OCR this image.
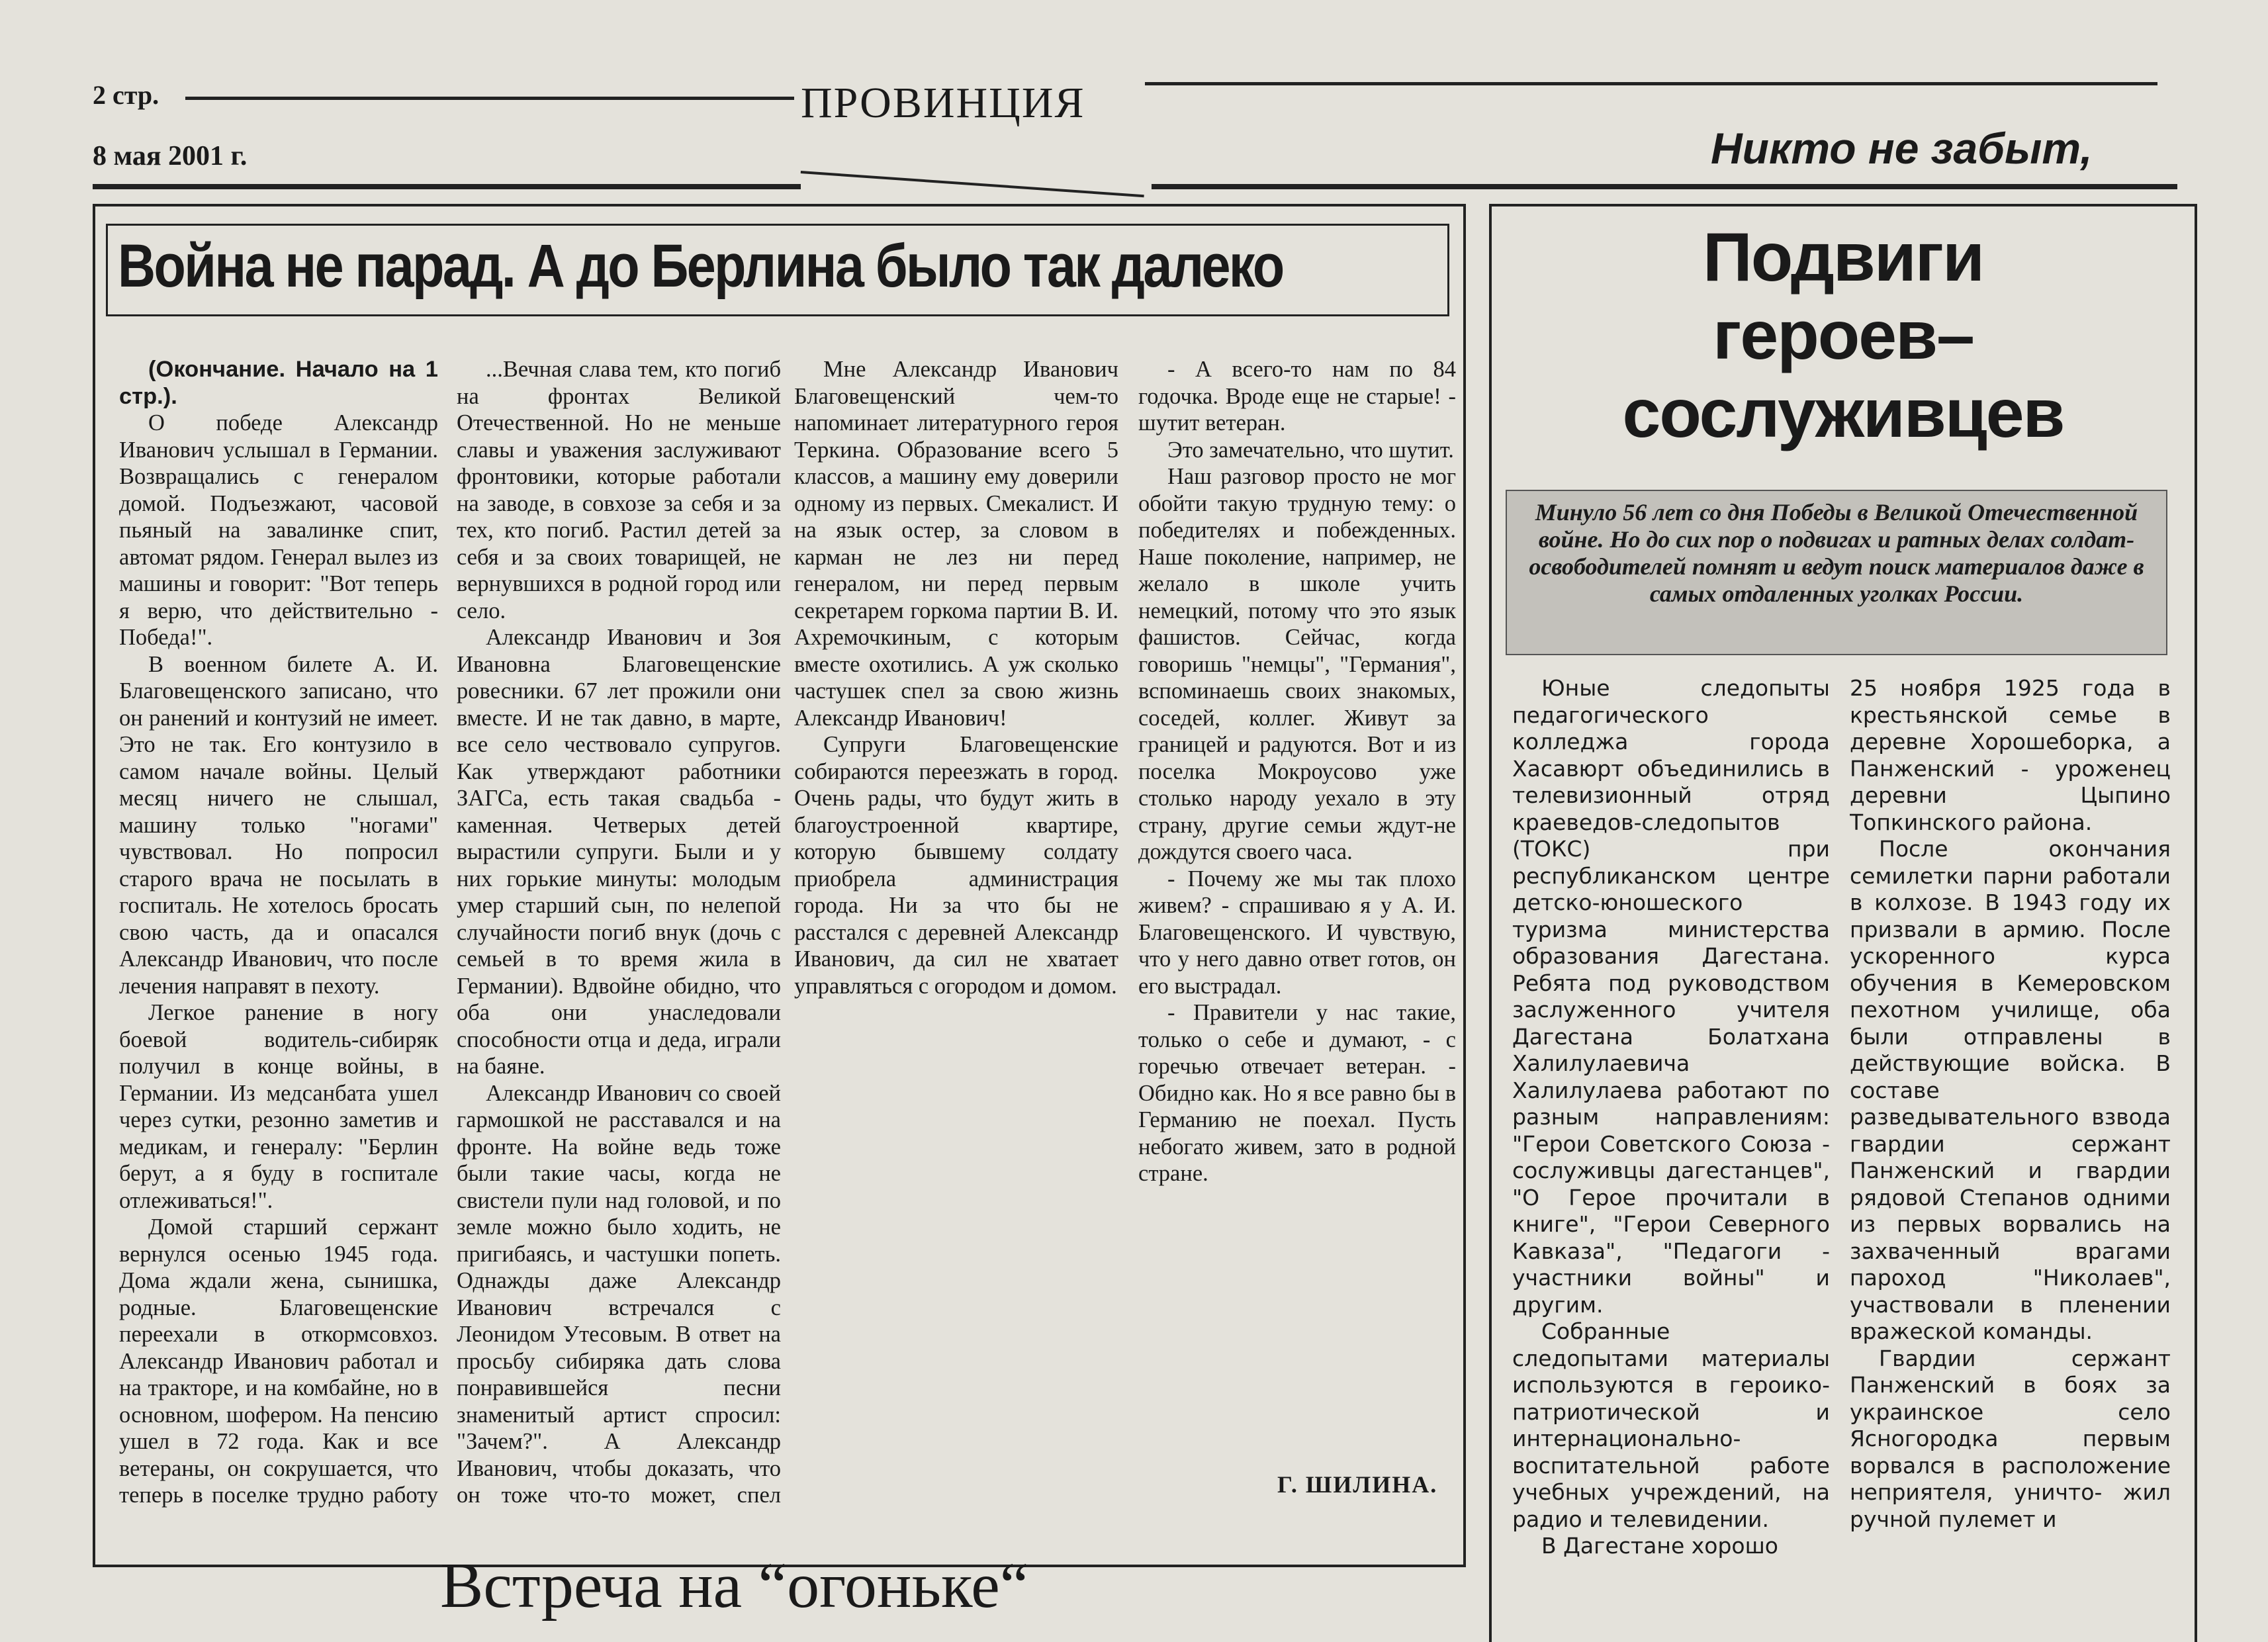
2 стр.	ПРОВИНЦИЯ
8 мая 2001 г.	Никто не забыт,
Война не парад. А до Берлина было так далеко

(Окончание. Начало на 1 стр.).

О победе Александр Иванович услышал в Германии. Возвращались с генералом домой. Подъезжают, часовой пьяный на завалинке спит, автомат рядом. Генерал вылез из машины и говорит: "Вот теперь я верю, что действительно - Победа!".

В военном билете А. И. Благовещенского записано, что он ранений и контузий не имеет. Это не так. Его контузило в самом начале войны. Целый месяц ничего не слышал, машину только "ногами" чувствовал. Но попросил старого врача не посылать в госпиталь. Не хотелось бросать свою часть, да и опасался Александр Иванович, что после лечения направят в пехоту.

Легкое ранение в ногу боевой водитель-сибиряк получил в конце войны, в Германии. Из медсанбата ушел через сутки, резонно заметив и медикам, и генералу: "Берлин берут, а я буду в госпитале отлеживаться!".

Домой старший сержант вернулся осенью 1945 года. Дома ждали жена, сынишка, родные. Благовещенские переехали в откормсовхоз. Александр Иванович работал и на тракторе, и на комбайне, но в основном, шофером. На пенсию ушел в 72 года. Как и все ветераны, он сокрушается, что теперь в поселке трудно работу

...Вечная слава тем, кто погиб на фронтах Великой Отечественной. Но не меньше славы и уважения заслуживают фронтовики, которые работали на заводе, в совхозе за себя и за тех, кто погиб. Растил детей за себя и за своих товарищей, не вернувшихся в родной город или село.

Александр Иванович и Зоя Ивановна Благовещенские ровесники. 67 лет прожили они вместе. И не так давно, в марте, все село чествовало супругов. Как утверждают работники ЗАГСа, есть такая свадьба - каменная. Четверых детей вырастили супруги. Были и у них горькие минуты: молодым умер старший сын, по нелепой случайности погиб внук (дочь с семьей в то время жила в Германии). Вдвойне обидно, что оба они унаследовали способности отца и деда, играли на баяне.

Александр Иванович со своей гармошкой не расставался и на фронте. На войне ведь тоже были такие часы, когда не свистели пули над головой, и по земле можно было ходить, не пригибаясь, и частушки попеть. Однажды даже Александр Иванович встречался с Леонидом Утесовым. В ответ на просьбу сибиряка дать слова понравившейся песни знаменитый артист спросил: "Зачем?". А Александр Иванович, чтобы доказать, что он тоже что-то может, спел

Мне Александр Иванович Благовещенский чем-то напоминает литературного героя Теркина. Образование всего 5 классов, а машину ему доверили одному из первых. Смекалист. И на язык остер, за словом в карман не лез ни перед генералом, ни перед первым секретарем горкома партии В. И. Ахремочкиным, с которым вместе охотились. А уж сколько частушек спел за свою жизнь Александр Иванович!

Супруги Благовещенские собираются переезжать в город. Очень рады, что будут жить в благоустроенной квартире, которую бывшему солдату приобрела администрация города. Ни за что бы не расстался с деревней Александр Иванович, да сил не хватает управляться с огородом и домом.

- А всего-то нам по 84 годочка. Вроде еще не старые! - шутит ветеран.

Это замечательно, что шутит.

Наш разговор просто не мог обойти такую трудную тему: о победителях и побежденных. Наше поколение, например, не желало в школе учить немецкий, потому что это язык фашистов. Сейчас, когда говоришь "немцы", "Германия", вспоминаешь своих знакомых, соседей, коллег. Живут за границей и радуются. Вот и из поселка Мокроусово уже столько народу уехало в эту страну, другие семьи ждут-не дождутся своего часа.

- Почему же мы так плохо живем? - спрашиваю я у А. И. Благовещенского. И чувствую, что у него давно ответ готов, он его выстрадал.

- Правители у нас такие, только о себе и думают, - с горечью отвечает ветеран. - Обидно как. Но я все равно бы в Германию не поехал. Пусть небогато живем, зато в родной стране.

Г. ШИЛИНА.
Встреча на “огоньке“
Подвиги
героев–
сослуживцев
Минуло 56 лет со дня Победы в Великой Отечественной войне. Но до сих пор о подвигах и ратных делах солдат-освободителей помнят и ведут поиск материалов даже в самых отдаленных уголках России.

Юные следопыты педагогического колледжа города Хасавюрт объединились в телевизионный отряд краеведов-следопытов (ТОКС) при республиканском центре детско-юношеского туризма министерства образования Дагестана. Ребята под руководством заслуженного учителя Дагестана Болатхана Халилулаевича Халилулаева работают по разным направлениям: "Герои Советского Союза - сослуживцы дагестанцев", "О Герое прочитали в книге", "Герои Северного Кавказа", "Педагоги - участники войны" и другим.

Собранные следопытами материалы используются в героико-патриотической и интернационально-воспитательной работе учебных учреждений, на радио и телевидении.

В Дагестане хорошо

25 ноября 1925 года в крестьянской семье в деревне Хорошеборка, а Панженский - уроженец деревни Цыпино Топкинского района.

После окончания семилетки парни работали в колхозе. В 1943 году их призвали в армию. После ускоренного курса обучения в Кемеровском пехотном училище, оба были отправлены в действующие войска. В составе разведывательного взвода гвардии сержант Панженский и гвардии рядовой Степанов одними из первых ворвались на захваченный врагами пароход "Николаев", участвовали в пленении вражеской команды.

Гвардии сержант Панженский в боях за украинское село Ясногородка первым ворвался в расположение неприятеля, уничто- жил ручной пулемет и
